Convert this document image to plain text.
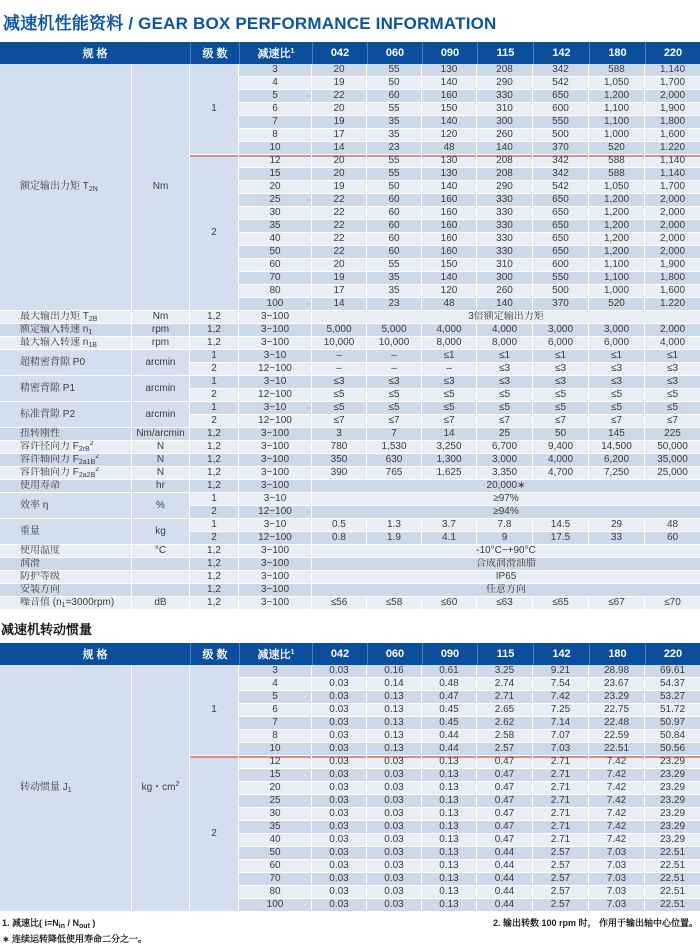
减速机性能资料 / GEAR BOX PERFORMANCE INFORMATION
规 格		级 数	减速比$^1$	042	060	090	115	142	180	220
额定输出力矩 $T_{2N}$	Nm	1	3	20	55	130	208	342	588	1,140
			4	19	50	140	290	542	1,050	1,700
			5	22	60	160	330	650	1,200	2,000
			6	20	55	150	310	600	1,100	1,900
			7	19	35	140	300	550	1,100	1,800
			8	17	35	120	260	500	1,000	1,600
			10	14	23	48	140	370	520	1.220
		2	12	20	55	130	208	342	588	1,140
			15	20	55	130	208	342	588	1,140
			20	19	50	140	290	542	1,050	1,700
			25	22	60	160	330	650	1,200	2,000
			30	22	60	160	330	650	1,200	2,000
			35	22	60	160	330	650	1,200	2,000
			40	22	60	160	330	650	1,200	2,000
			50	22	60	160	330	650	1,200	2,000
			60	20	55	150	310	600	1,100	1,900
			70	19	35	140	300	550	1,100	1,800
			80	17	35	120	260	500	1,000	1,600
			100	14	23	48	140	370	520	1.220
最大输出力矩 $T_{2B}$	Nm	1,2	3~100	3倍额定输出力矩						
额定输入转速 $n_1$	rpm	1,2	3~100	5,000	5,000	4,000	4,000	3,000	3,000	2,000
最大输入转速 $n_{1B}$	rpm	1,2	3~100	10,000	10,000	8,000	8,000	6,000	6,000	4,000
超精密背隙 P0	arcmin	1	3~10	–	–	≤1	≤1	≤1	≤1	≤1
		2	12~100	–	–	–	≤3	≤3	≤3	≤3
精密背隙 P1	arcmin	1	3~10	≤3	≤3	≤3	≤3	≤3	≤3	≤3
		2	12~100	≤5	≤5	≤5	≤5	≤5	≤5	≤5
标准背隙 P2	arcmin	1	3~10	≤5	≤5	≤5	≤5	≤5	≤5	≤5
		2	12~100	≤7	≤7	≤7	≤7	≤7	≤7	≤7
扭转刚性	Nm/arcmin	1,2	3~100	3	7	14	25	50	145	225
容许径向力 $F_{2rB}^2$	N	1,2	3~100	780	1,530	3,250	6,700	9,400	14,500	50,000
容许轴向力 $F_{2a1B}^2$	N	1,2	3~100	350	630	1,300	3,000	4,000	6,200	35,000
容许轴向力 $F_{2a2B}^2$	N	1,2	3~100	390	765	1,625	3,350	4,700	7,250	25,000
使用寿命	hr	1,2	3~100	20,000∗						
效率 η	%	1	3~10	≥97%						
		2	12~100	≥94%						
重量	kg	1	3~10	0.5	1.3	3.7	7.8	14.5	29	48
		2	12~100	0.8	1.9	4.1	9	17.5	33	60
使用温度	°C	1,2	3~100	-10°C~+90°C						
润滑		1,2	3~100	合成润滑油脂						
防护等级		1,2	3~100	IP65						
安装方向		1,2	3~100	任意方向						
噪音值 $(n_1=3000rpm)$	dB	1,2	3~100	≤56	≤58	≤60	≤63	≤65	≤67	≤70
减速机转动惯量
规 格		级 数	减速比$^1$	042	060	090	115	142	180	220
转动惯量 $J_1$	kg・$cm^2$	1	3	0.03	0.16	0.61	3.25	9.21	28.98	69.61
			4	0.03	0.14	0.48	2.74	7.54	23.67	54.37
			5	0.03	0.13	0.47	2.71	7.42	23.29	53.27
			6	0.03	0.13	0.45	2.65	7.25	22.75	51.72
			7	0.03	0.13	0.45	2.62	7.14	22.48	50.97
			8	0.03	0.13	0.44	2.58	7.07	22.59	50.84
			10	0.03	0.13	0.44	2.57	7.03	22.51	50.56
		2	12	0.03	0.03	0.13	0.47	2.71	7.42	23.29
			15	0.03	0.03	0.13	0.47	2.71	7.42	23.29
			20	0.03	0.03	0.13	0.47	2.71	7.42	23.29
			25	0.03	0.03	0.13	0.47	2.71	7.42	23.29
			30	0.03	0.03	0.13	0.47	2.71	7.42	23.29
			35	0.03	0.03	0.13	0.47	2.71	7.42	23.29
			40	0.03	0.03	0.13	0.47	2.71	7.42	23.29
			50	0.03	0.03	0.13	0.44	2.57	7.03	22.51
			60	0.03	0.03	0.13	0.44	2.57	7.03	22.51
			70	0.03	0.03	0.13	0.44	2.57	7.03	22.51
			80	0.03	0.03	0.13	0.44	2.57	7.03	22.51
			100	0.03	0.03	0.13	0.44	2.57	7.03	22.51
1. 减速比( $i=N_{in} / N_{out}$ )	2. 输出转数 100 rpm 时， 作用于输出轴中心位置。
∗ 连续运转降低使用寿命二分之一。
